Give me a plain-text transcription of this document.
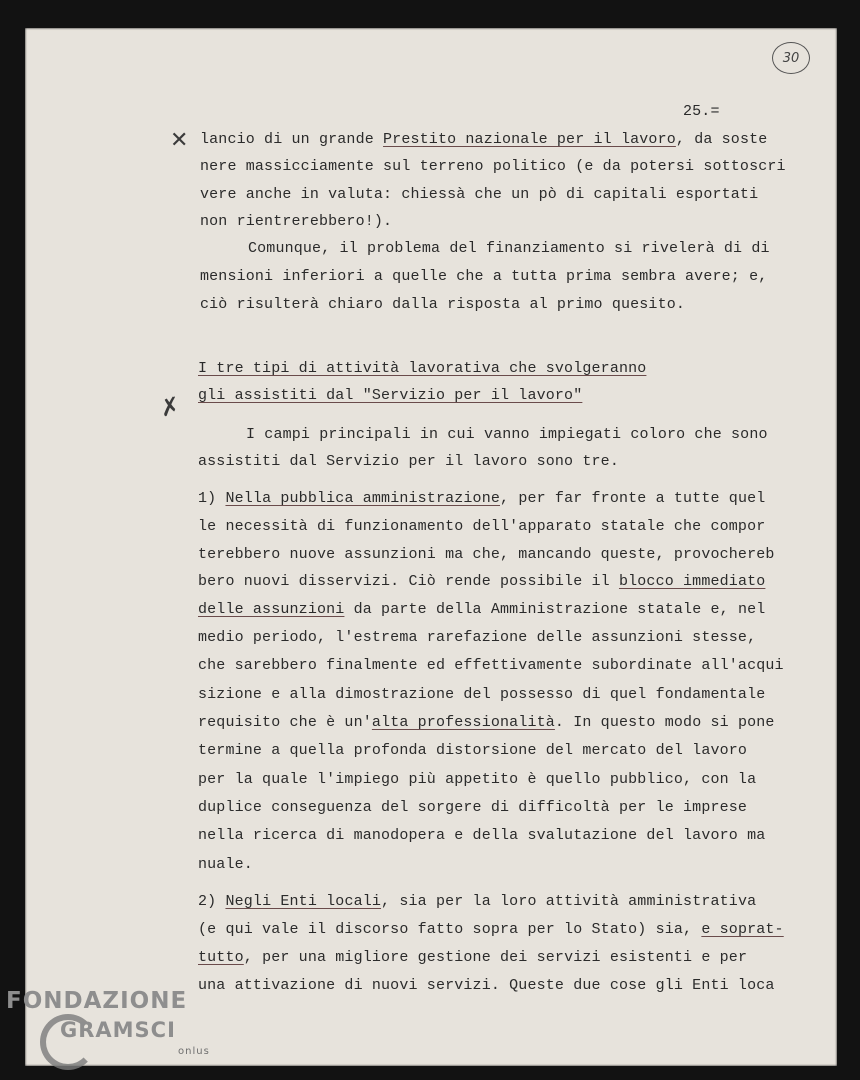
30
25.=
✕ lancio di un grande Prestito nazionale per il lavoro, da soste
nere massicciamente sul terreno politico (e da potersi sottoscri
vere anche in valuta: chiessà che un pò di capitali esportati
non rientrerebbero!).
Comunque, il problema del finanziamento si rivelerà di di
mensioni inferiori a quelle che a tutta prima sembra avere; e,
ciò risulterà chiaro dalla risposta al primo quesito.
I tre tipi di attività lavorativa che svolgeranno
gli assistiti dal "Servizio per il lavoro"
✗
I campi principali in cui vanno impiegati coloro che sono
assistiti dal Servizio per il lavoro sono tre.
1) Nella pubblica amministrazione, per far fronte a tutte quel
le necessità di funzionamento dell'apparato statale che compor
terebbero nuove assunzioni ma che, mancando queste, provochereb
bero nuovi disservizi. Ciò rende possibile il blocco immediato
delle assunzioni da parte della Amministrazione statale e, nel
medio periodo, l'estrema rarefazione delle assunzioni stesse,
che sarebbero finalmente ed effettivamente subordinate all'acqui
sizione e alla dimostrazione del possesso di quel fondamentale
requisito che è un'alta professionalità. In questo modo si pone
termine a quella profonda distorsione del mercato del lavoro
per la quale l'impiego più appetito è quello pubblico, con la
duplice conseguenza del sorgere di difficoltà per le imprese
nella ricerca di manodopera e della svalutazione del lavoro ma
nuale.
2) Negli Enti locali, sia per la loro attività amministrativa
(e qui vale il discorso fatto sopra per lo Stato) sia, e soprat-
tutto, per una migliore gestione dei servizi esistenti e per
una attivazione di nuovi servizi. Queste due cose gli Enti loca
FONDAZIONE
GRAMSCI
onlus
